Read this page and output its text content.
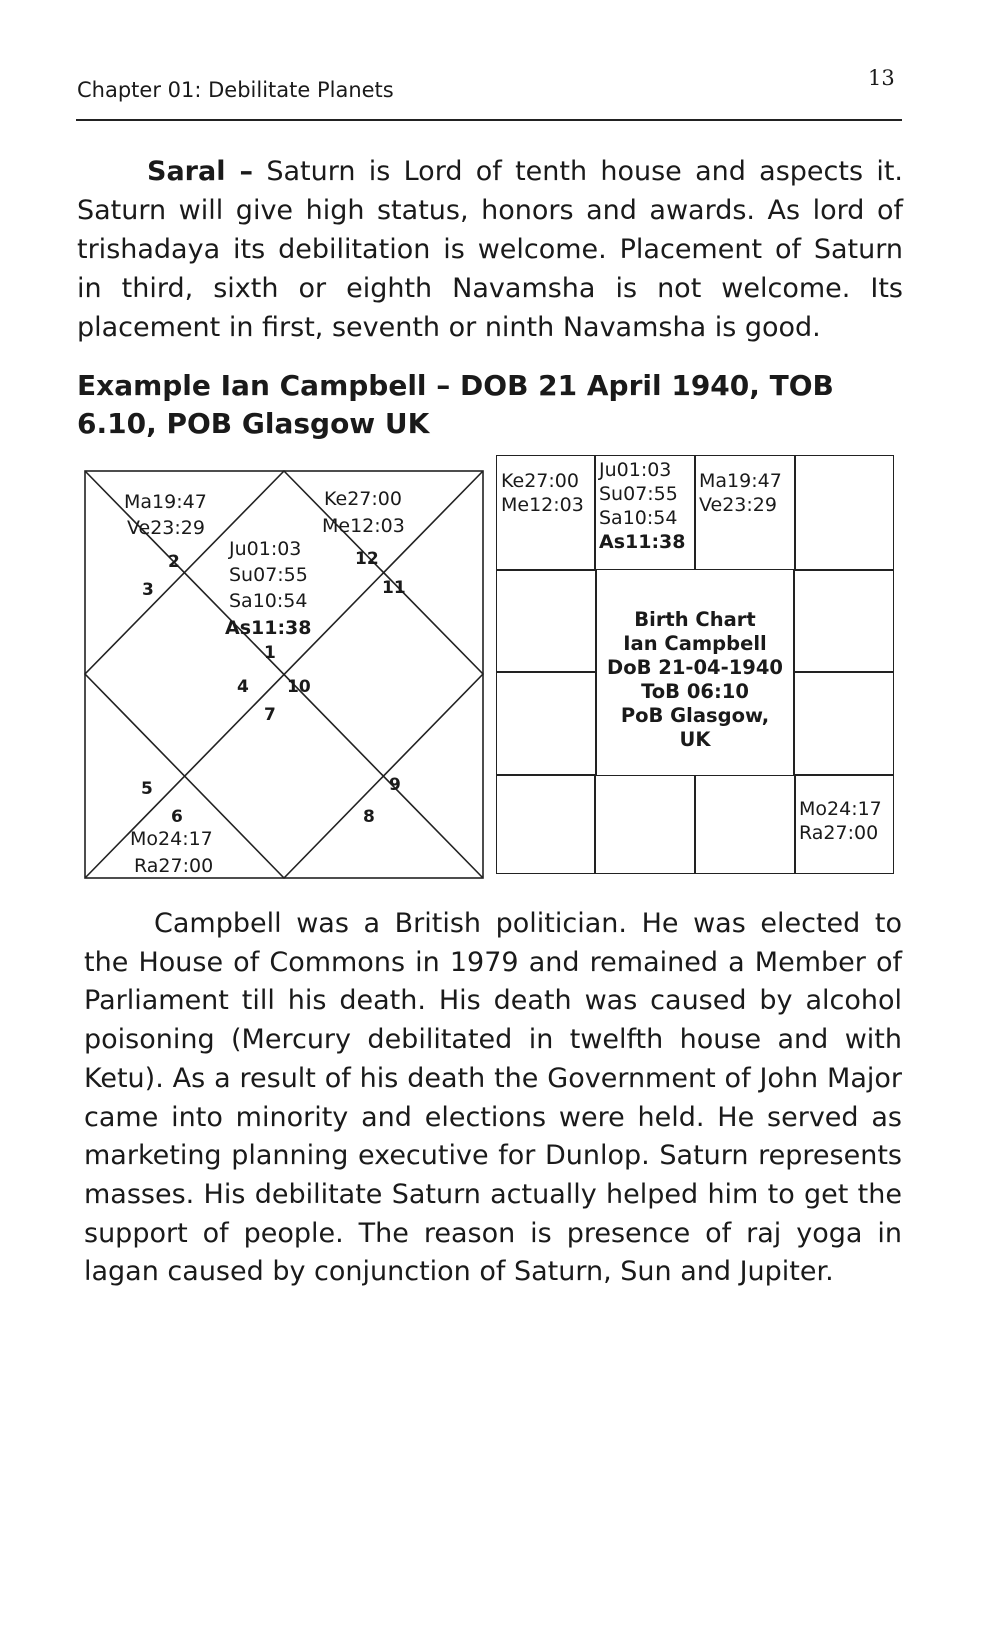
Chapter 01: Debilitate Planets	13

Saral – Saturn is Lord of tenth house and aspects it. Saturn will give high status, honors and awards. As lord of trishadaya its debilitation is welcome. Placement of Saturn in third, sixth or eighth Navamsha is not welcome. Its placement in first, seventh or ninth Navamsha is good.

Example Ian Campbell – DOB 21 April 1940, TOB 6.10, POB Glasgow UK

Ma19:47
Ve23:29
Ke27:00
Me12:03
Ju01:03
Su07:55
Sa10:54
As11:38
Mo24:17
Ra27:00
1
2
3
4
5
6
7
8
9
10
11
12
Ke27:00
Me12:03
Ju01:03
Su07:55
Sa10:54
As11:38
Ma19:47
Ve23:29
Mo24:17
Ra27:00
Birth Chart
Ian Campbell
DoB 21-04-1940
ToB 06:10
PoB Glasgow,
UK

Campbell was a British politician. He was elected to the House of Commons in 1979 and remained a Member of Parliament till his death. His death was caused by alcohol poisoning (Mercury debilitated in twelfth house and with Ketu). As a result of his death the Government of John Major came into minority and elections were held. He served as marketing planning executive for Dunlop. Saturn represents masses. His debilitate Saturn actually helped him to get the support of people. The reason is presence of raj yoga in lagan caused by conjunction of Saturn, Sun and Jupiter.
